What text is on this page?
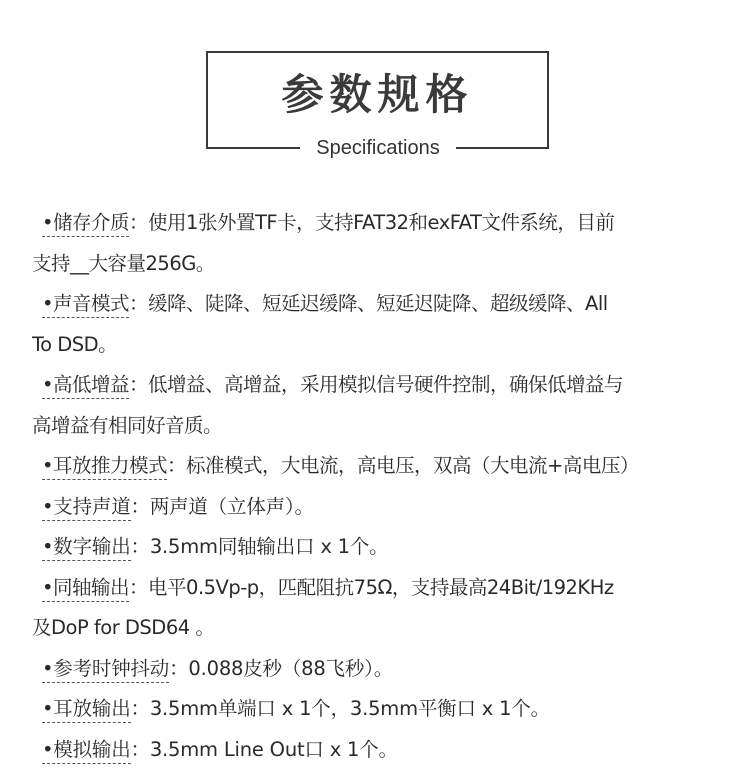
参数规格
Specifications

•储存介质：使用1张外置TF卡，支持FAT32和exFAT文件系统，目前
支持__大容量256G。

•声音模式：缓降、陡降、短延迟缓降、短延迟陡降、超级缓降、All
To DSD。

•高低增益：低增益、高增益，采用模拟信号硬件控制，确保低增益与
高增益有相同好音质。

•耳放推力模式：标准模式，大电流，高电压，双高（大电流+高电压）

•支持声道：两声道（立体声）。

•数字输出：3.5mm同轴输出口 x 1个。

•同轴输出：电平0.5Vp-p，匹配阻抗75Ω，支持最高24Bit/192KHz
及DoP for DSD64 。

•参考时钟抖动：0.088皮秒（88飞秒）。

•耳放输出：3.5mm单端口 x 1个，3.5mm平衡口 x 1个。

•模拟输出：3.5mm Line Out口 x 1个。
